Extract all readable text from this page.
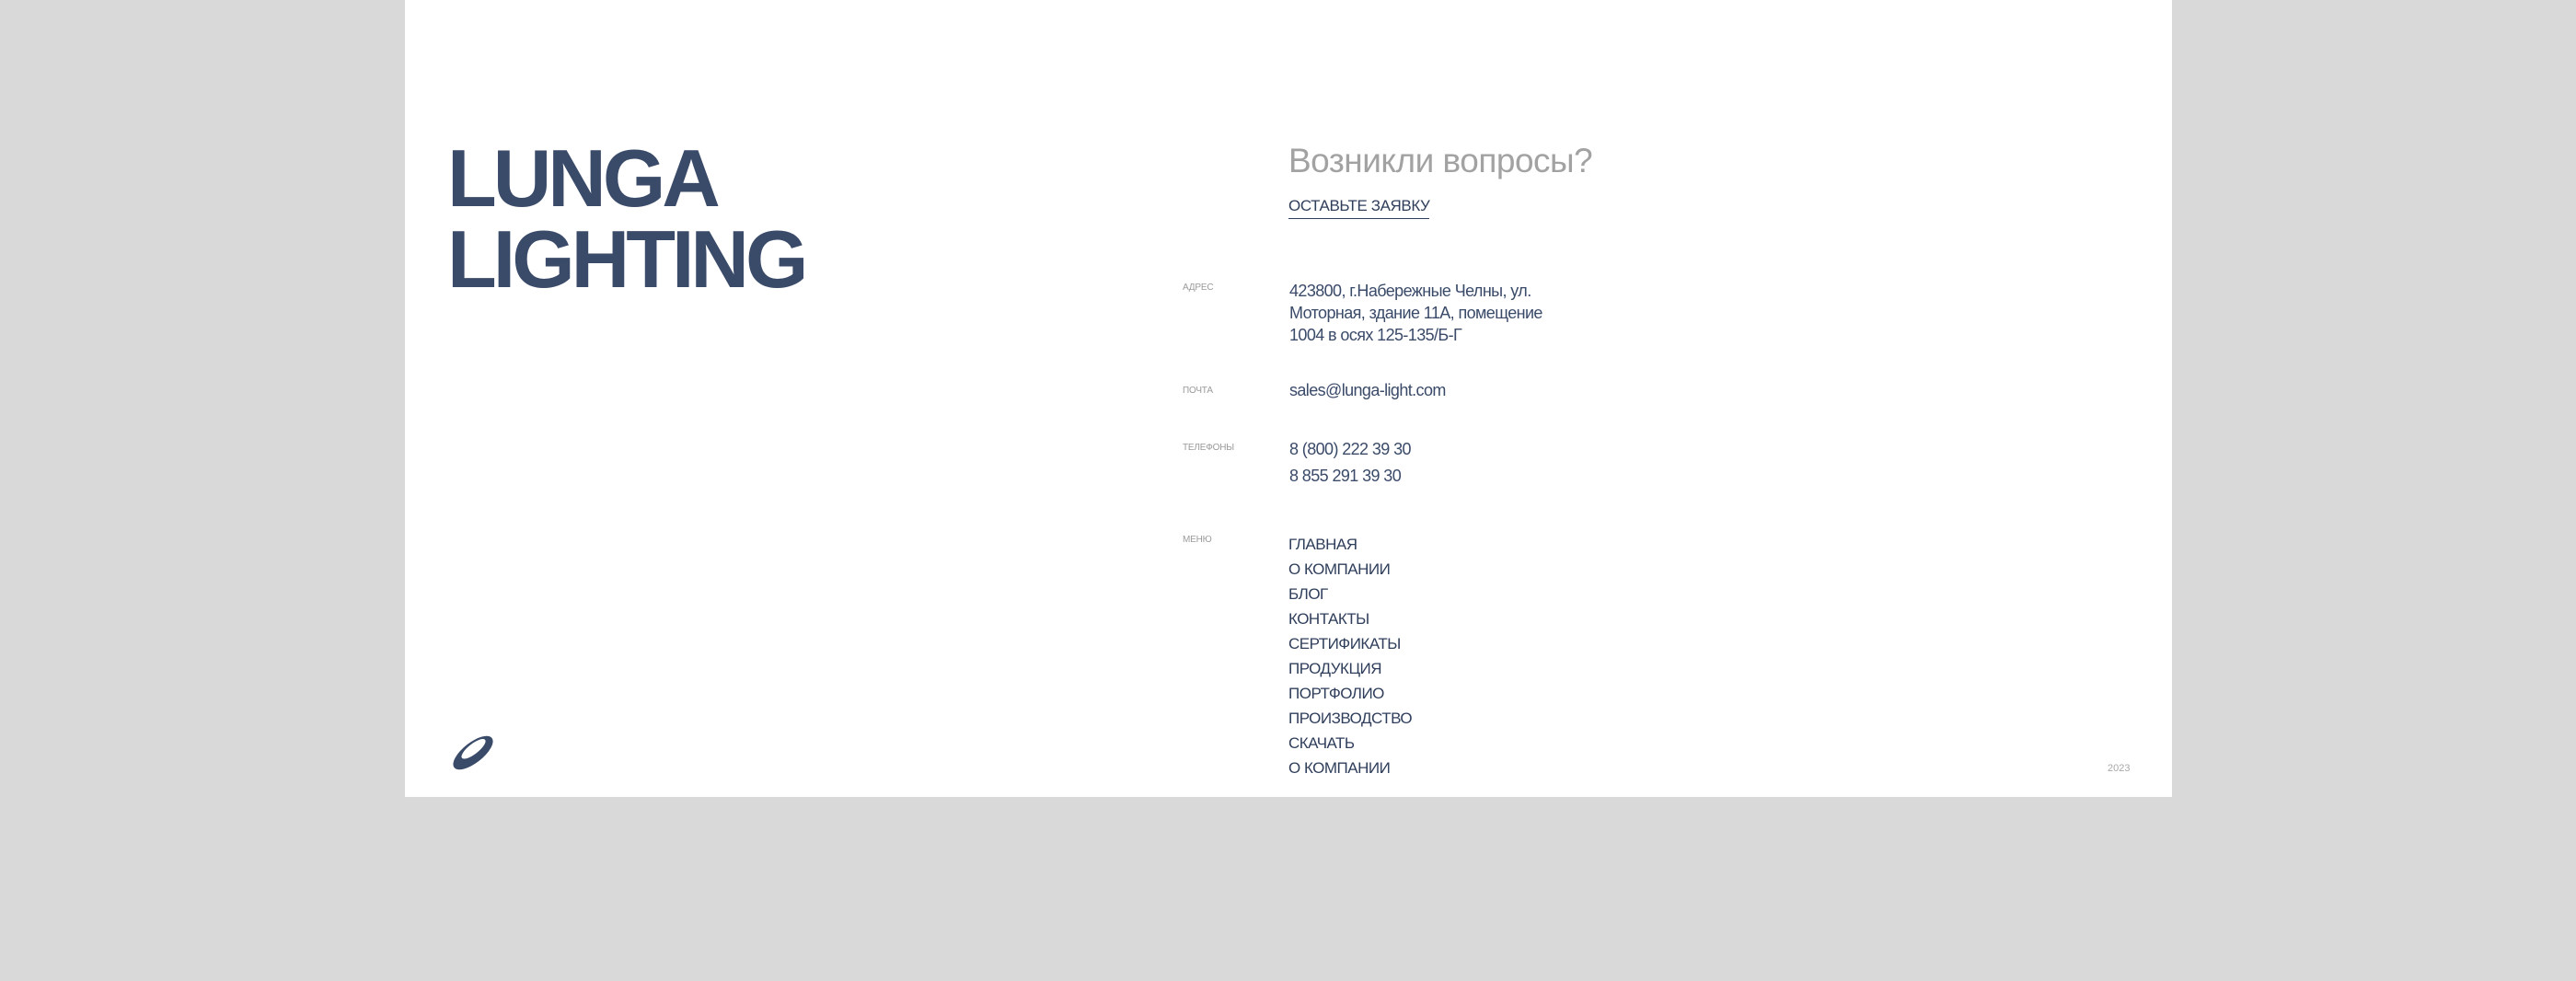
LUNGA
LIGHTING
Возникли вопросы?
ОСТАВЬТЕ ЗАЯВКУ
АДРЕС	423800, г.Набережные Челны, ул.
Моторная, здание 11А, помещение
1004 в осях 125-135/Б-Г
ПОЧТА	sales@lunga-light.com
ТЕЛЕФОНЫ	8 (800) 222 39 30
8 855 291 39 30
МЕНЮ	ГЛАВНАЯ
О КОМПАНИИ
БЛОГ
КОНТАКТЫ
СЕРТИФИКАТЫ
ПРОДУКЦИЯ
ПОРТФОЛИО
ПРОИЗВОДСТВО
СКАЧАТЬ
О КОМПАНИИ	2023
